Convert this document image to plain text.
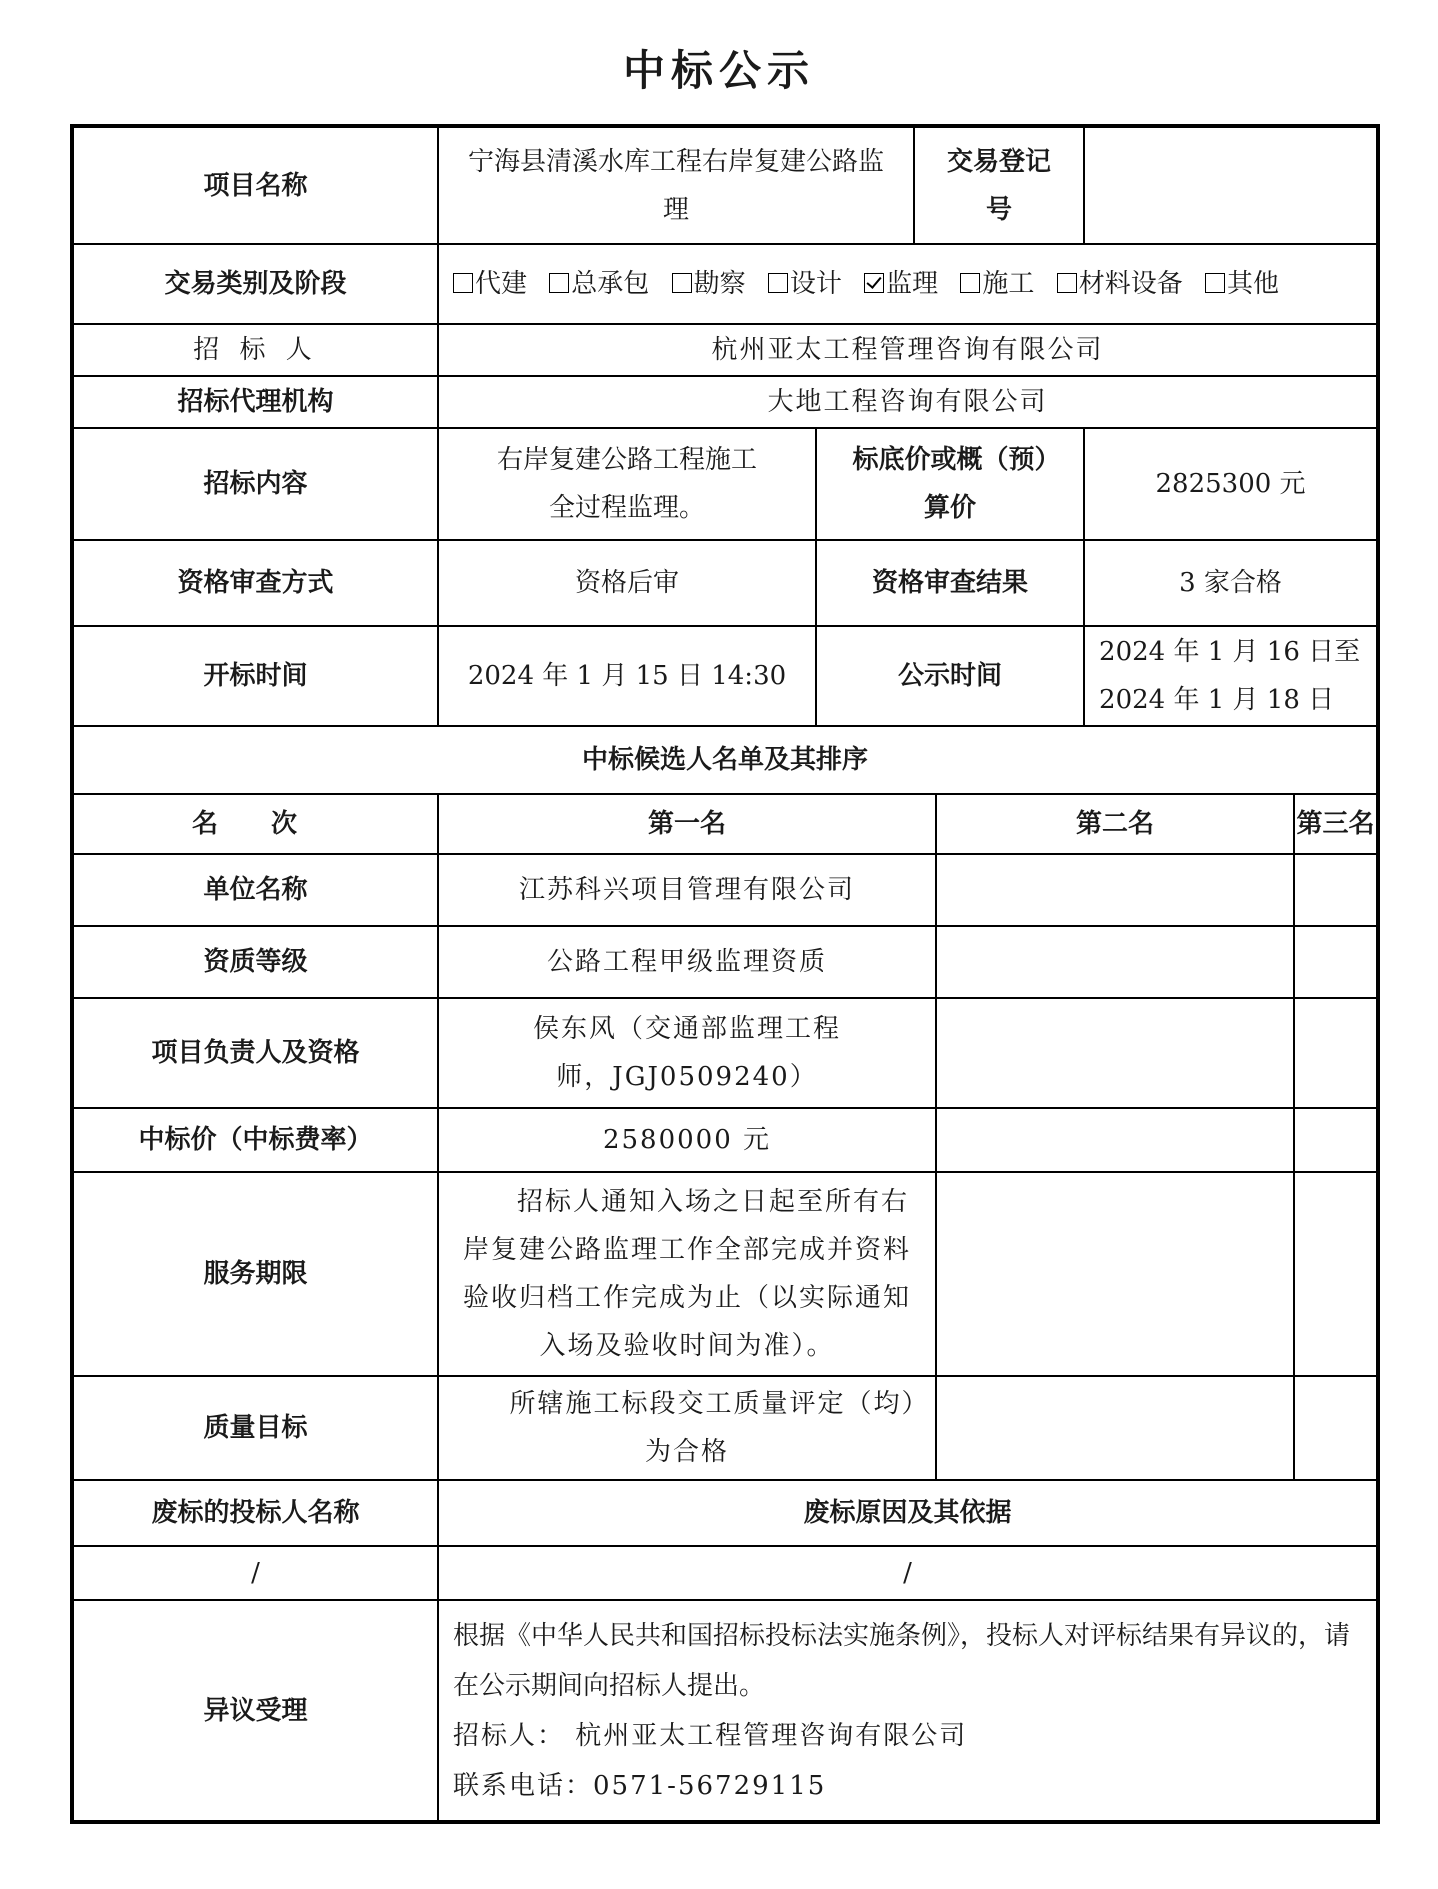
中标公示
项目名称	宁海县清溪水库工程右岸复建公路监理		交易登记号			
交易类别及阶段	代建 总承包 勘察 设计 监理 施工 材料设备 其他					
招 标 人	杭州亚太工程管理咨询有限公司					
招标代理机构	大地工程咨询有限公司					
招标内容	右岸复建公路工程施工全过程监理。	标底价或概（预）算价			2825300 元	
资格审查方式	资格后审	资格审查结果			3 家合格	
开标时间	2024 年 1 月 15 日 14:30	公示时间			2024 年 1 月 16 日至 2024 年 1 月 18 日	
中标候选人名单及其排序						
名 次	第一名			第二名		第三名
单位名称	江苏科兴项目管理有限公司					
资质等级	公路工程甲级监理资质					
项目负责人及资格	侯东风（交通部监理工程师，JGJ0509240）					
中标价（中标费率）	2580000 元					
服务期限	招标人通知入场之日起至所有右岸复建公路监理工作全部完成并资料验收归档工作完成为止（以实际通知入场及验收时间为准）。					
质量目标	所辖施工标段交工质量评定（均）为合格					
废标的投标人名称	废标原因及其依据					
/	/					
异议受理	根据《中华人民共和国招标投标法实施条例》，投标人对评标结果有异议的，请在公示期间向招标人提出。
招标人： 杭州亚太工程管理咨询有限公司
联系电话：0571-56729115					
